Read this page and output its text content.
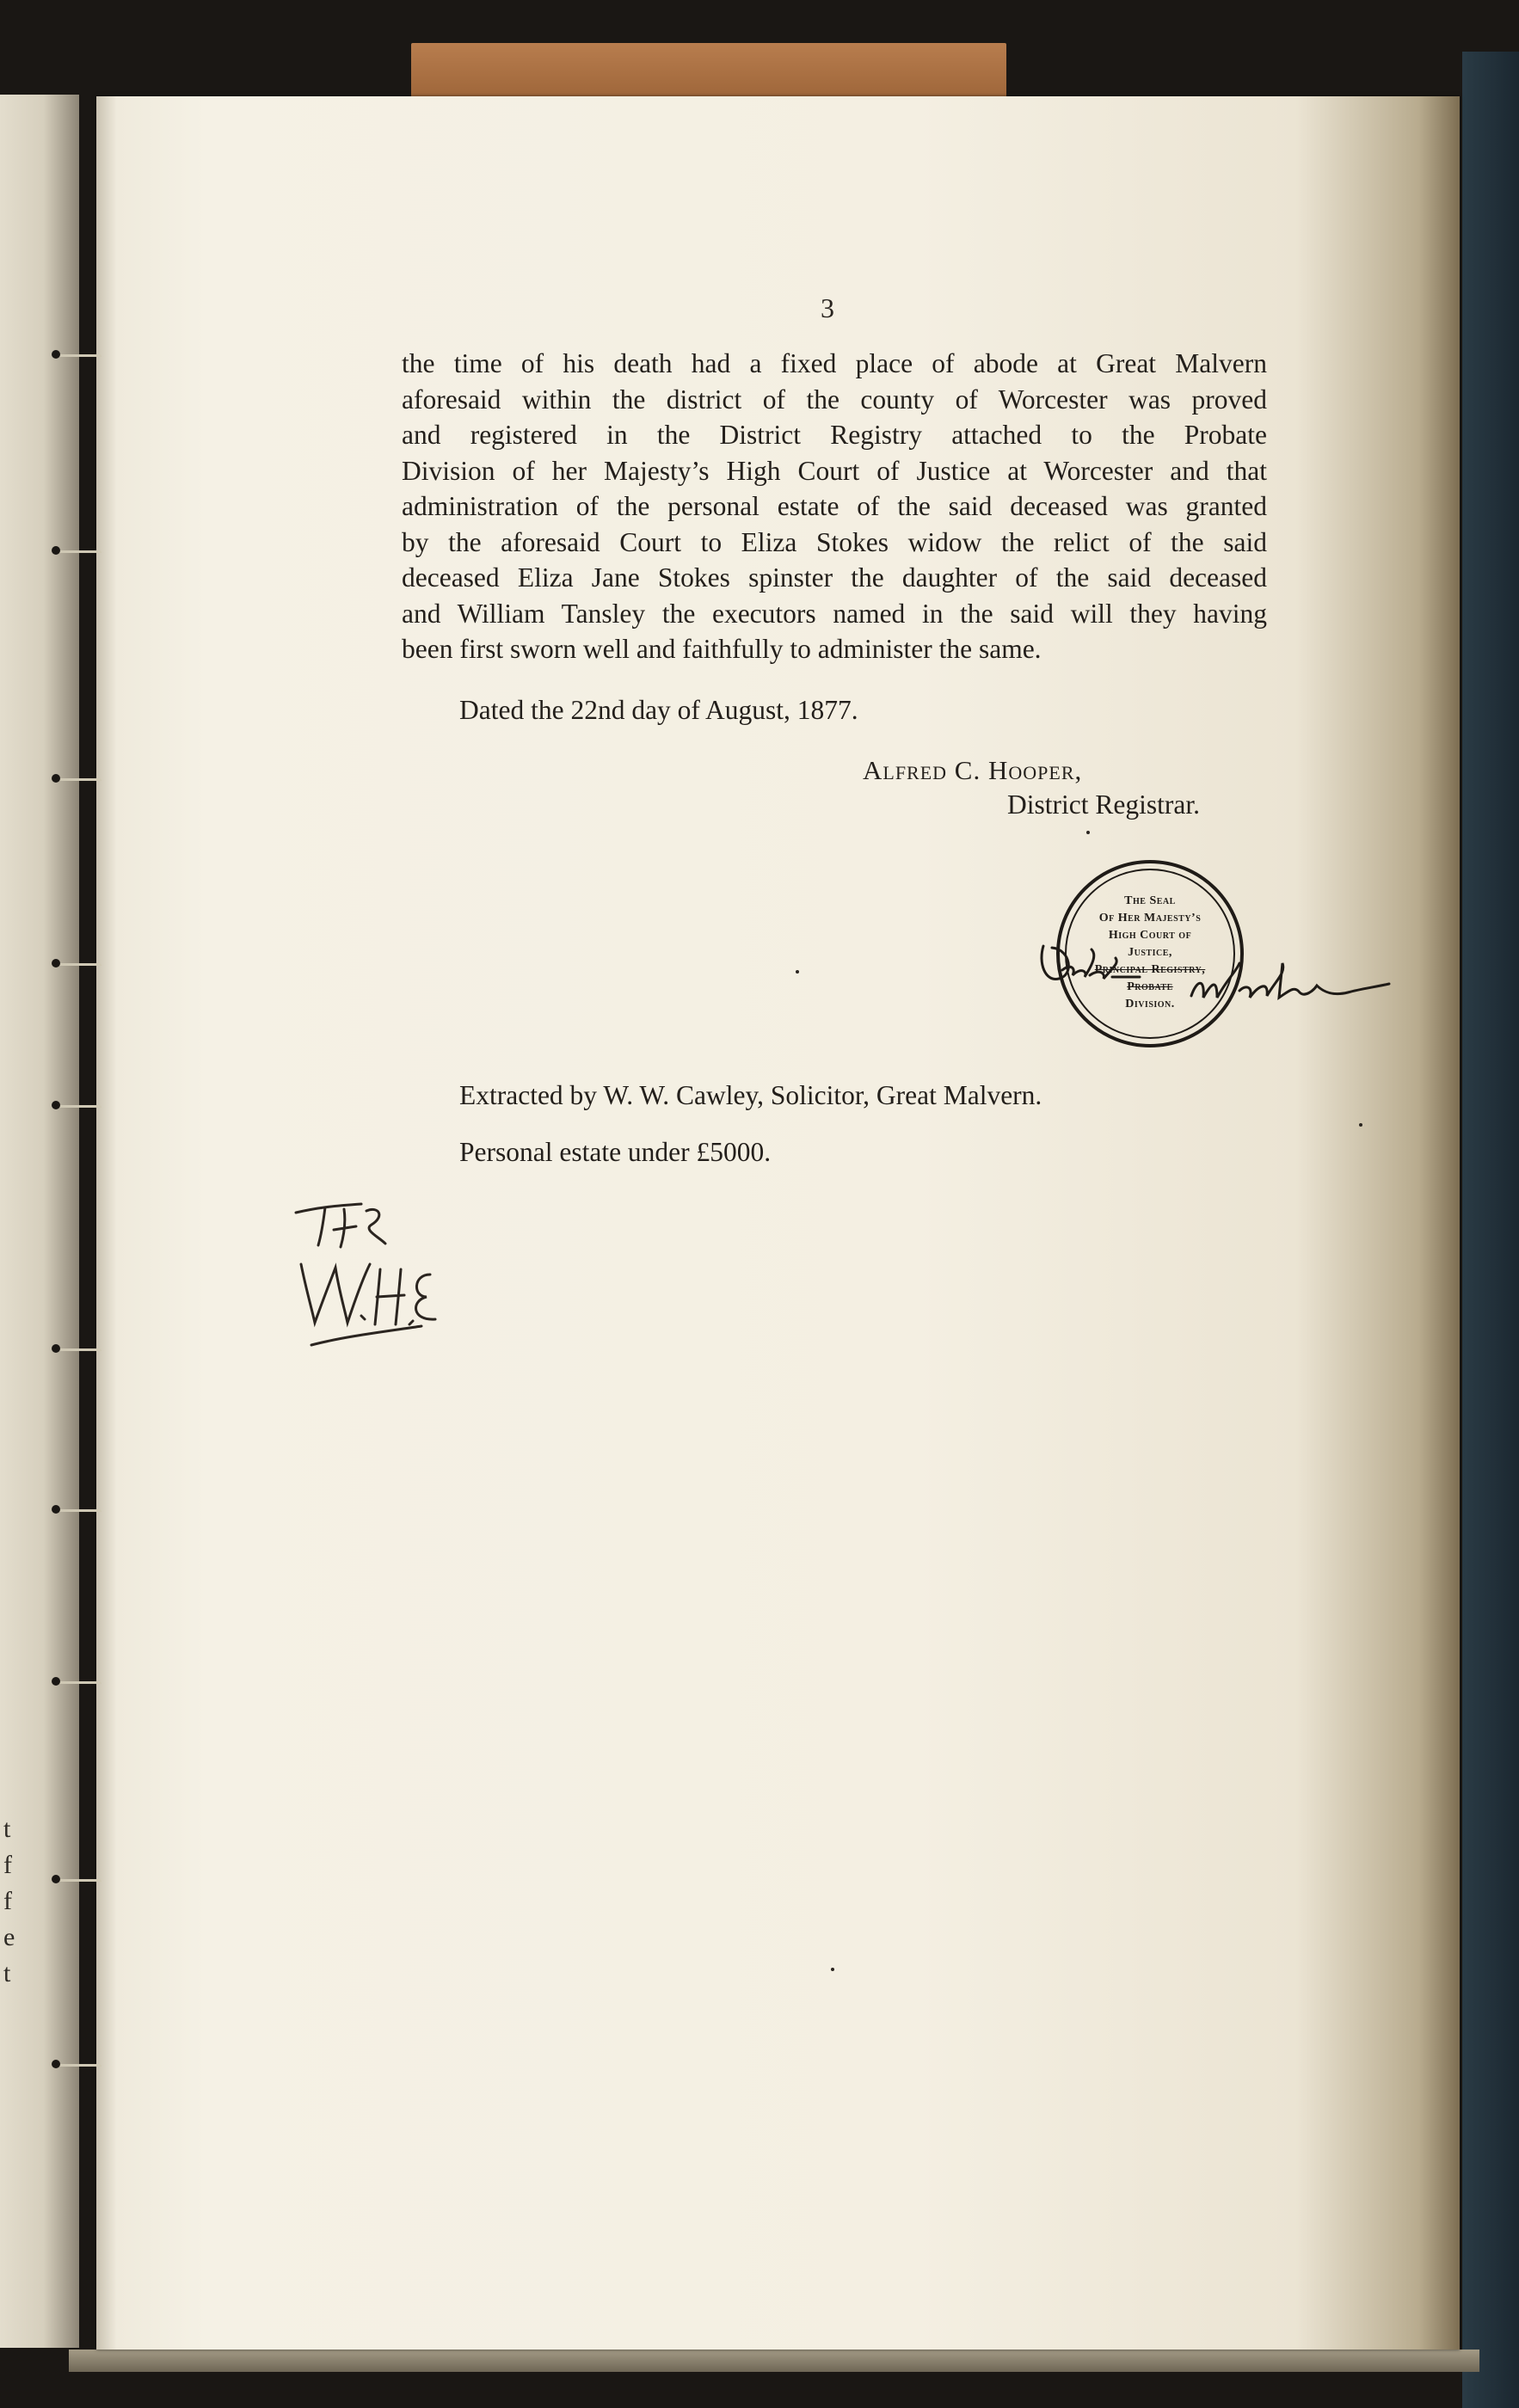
t
f
f
e
t
3
the time of his death had a fixed place of abode at Great Malvern
aforesaid within the district of the county of Worcester was proved
and registered in the District Registry attached to the Probate
Division of her Majesty’s High Court of Justice at Worcester and that
administration of the personal estate of the said deceased was granted
by the aforesaid Court to Eliza Stokes widow the relict of the said
deceased Eliza Jane Stokes spinster the daughter of the said deceased
and William Tansley the executors named in the said will they having
been first sworn well and faithfully to administer the same.
Dated the 22nd day of August, 1877.
Alfred C. Hooper,
District Registrar.
The Seal
Of Her Majesty’s
High Court of
Justice,
Principal Registry,
Probate
Division.
Extracted by W. W. Cawley, Solicitor, Great Malvern.
Personal estate under £5000.
